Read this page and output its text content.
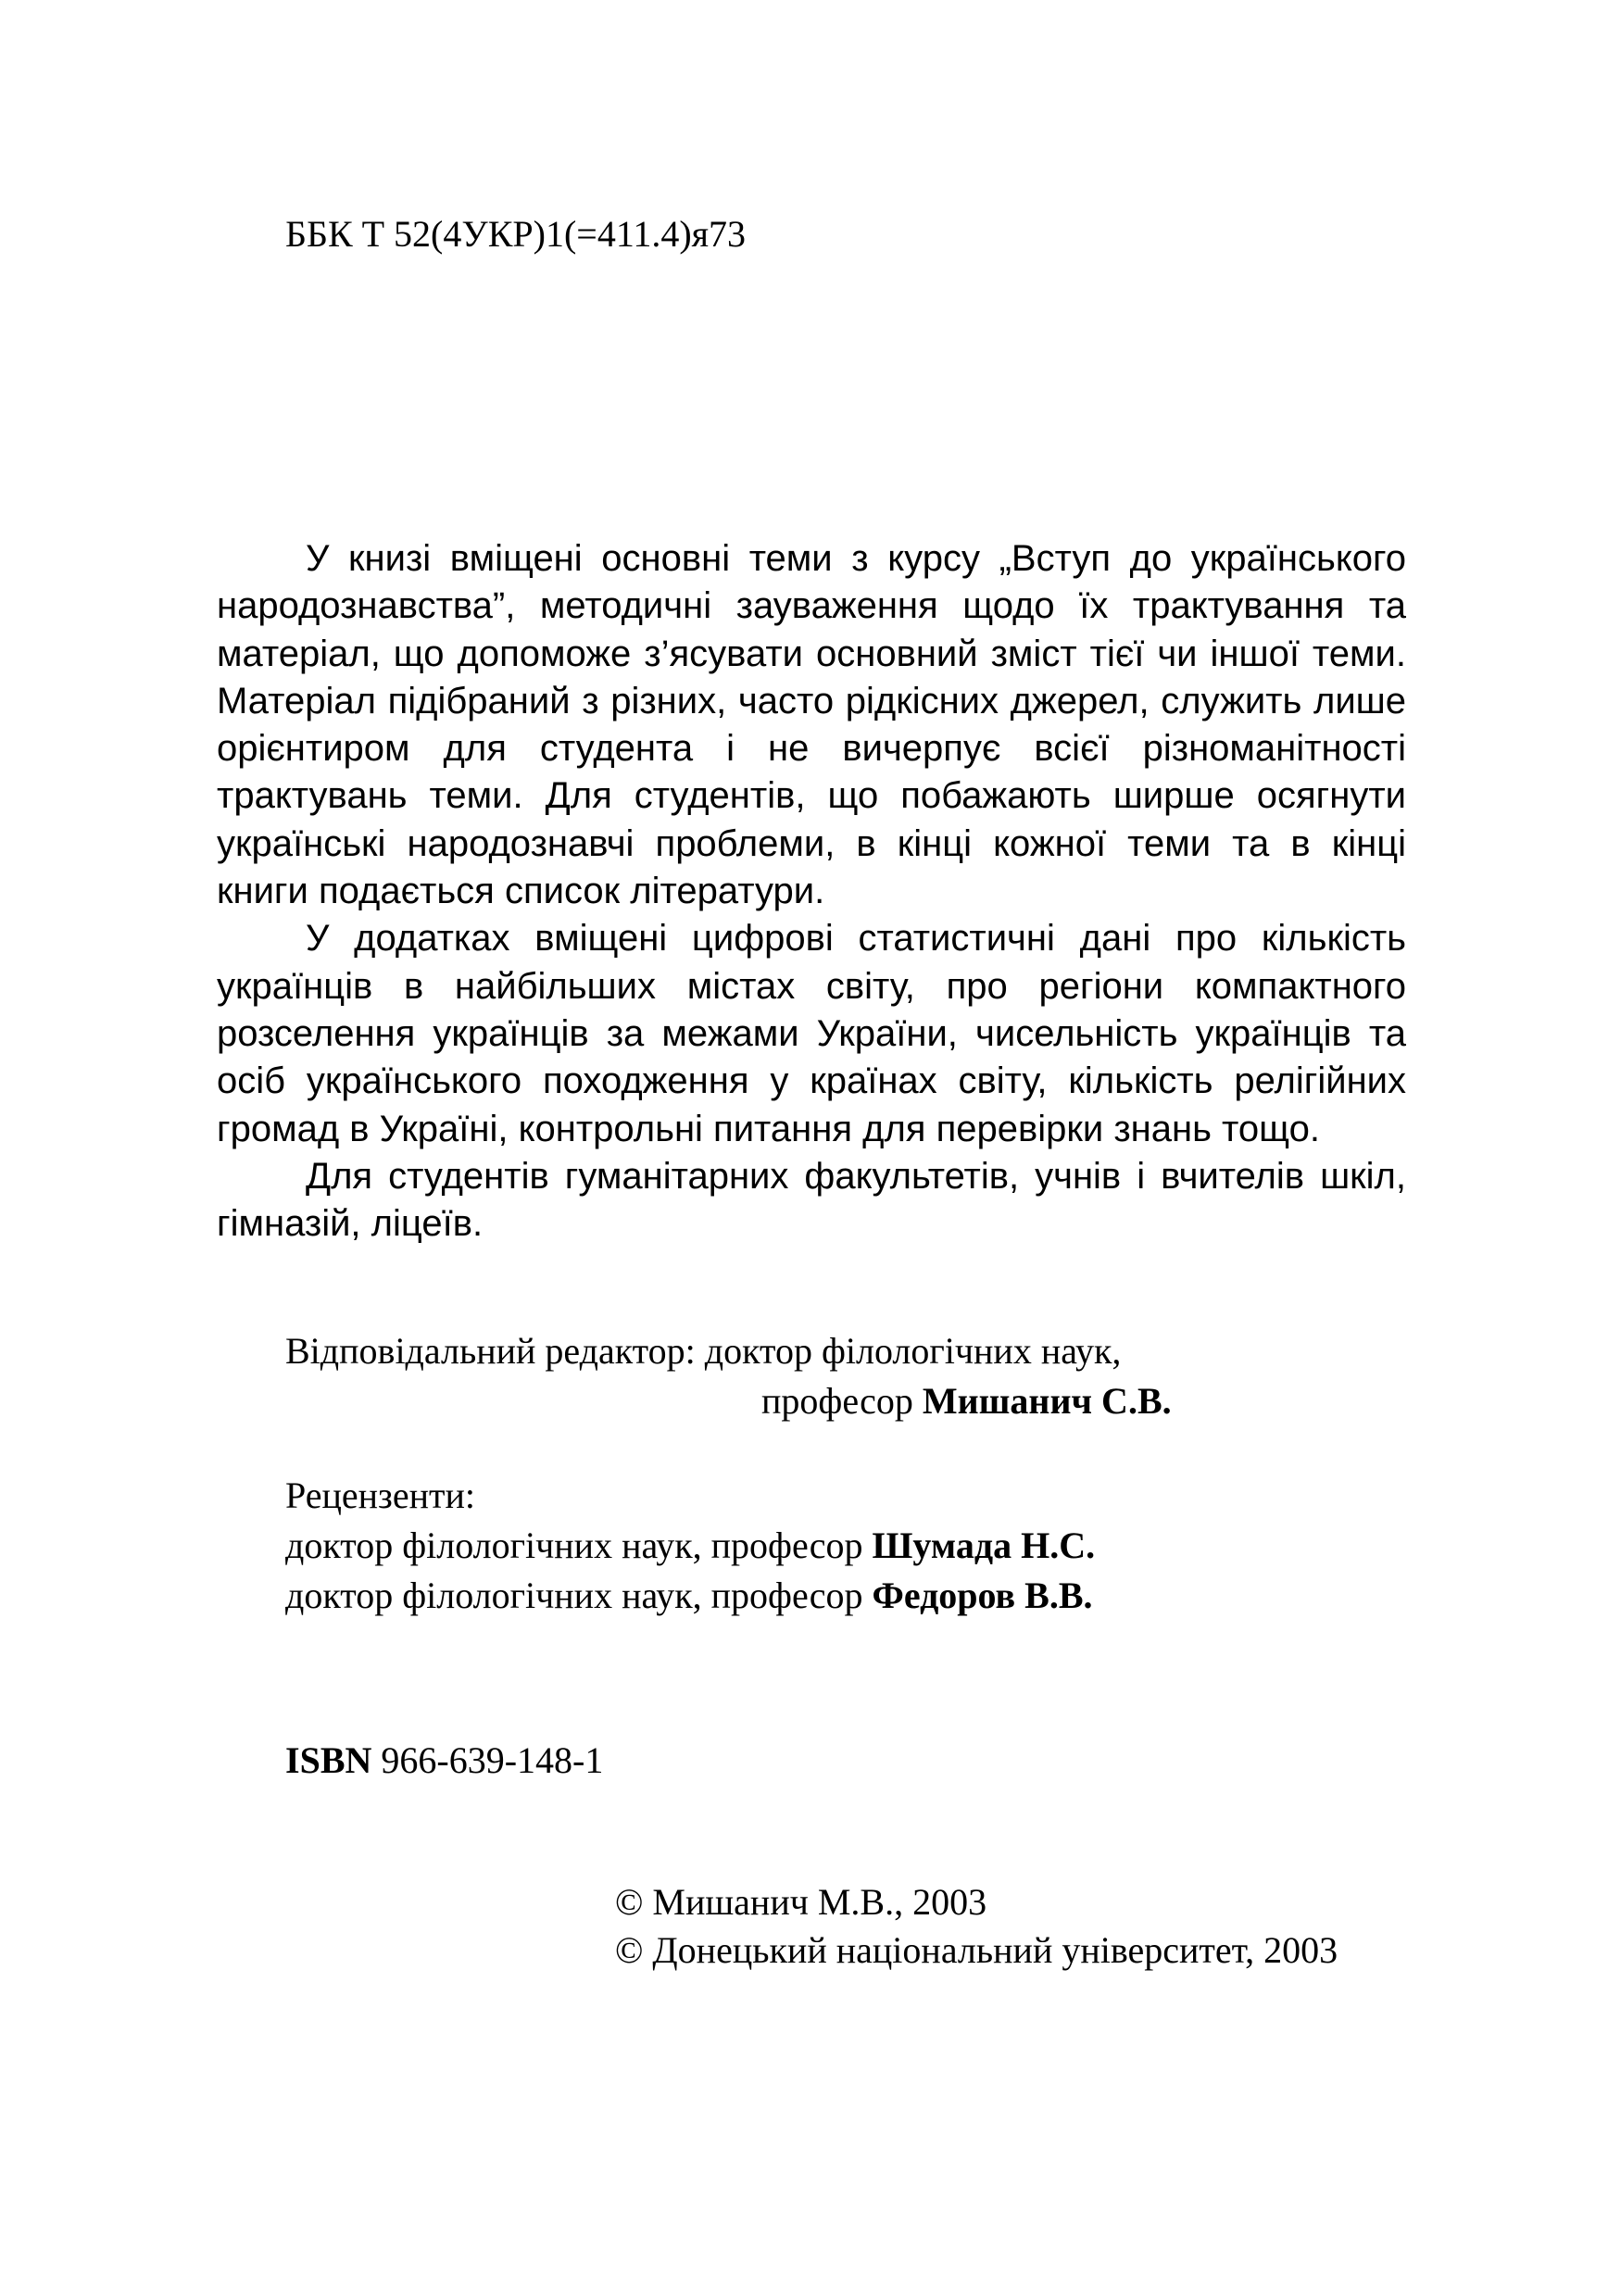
ББК Т 52(4УКР)1(=411.4)я73

У книзі вміщені основні теми з курсу „Вступ до українського народознавства”, методичні зауваження щодо їх трактування та матеріал, що допоможе з’ясувати основний зміст тієї чи іншої теми. Матеріал підібраний з різних, часто рідкісних джерел, служить лише орієнтиром для студента і не вичерпує всієї різноманітності трактувань теми. Для студентів, що побажають ширше осягнути українські народознавчі проблеми, в кінці кожної теми та в кінці книги подається список літератури.

У додатках вміщені цифрові статистичні дані про кількість українців в найбільших містах світу, про регіони компактного розселення українців за межами України, чисельність українців та осіб українського походження у країнах світу, кількість релігійних громад в Україні, контрольні питання для перевірки знань тощо.

Для студентів гуманітарних факультетів, учнів і вчителів шкіл, гімназій, ліцеїв.

Відповідальний редактор: доктор філологічних наук,
професор Мишанич С.В.
Рецензенти:
доктор філологічних наук, професор Шумада Н.С.
доктор філологічних наук, професор Федоров В.В.
ISBN 966-639-148-1
© Мишанич М.В., 2003
© Донецький національний університет, 2003
